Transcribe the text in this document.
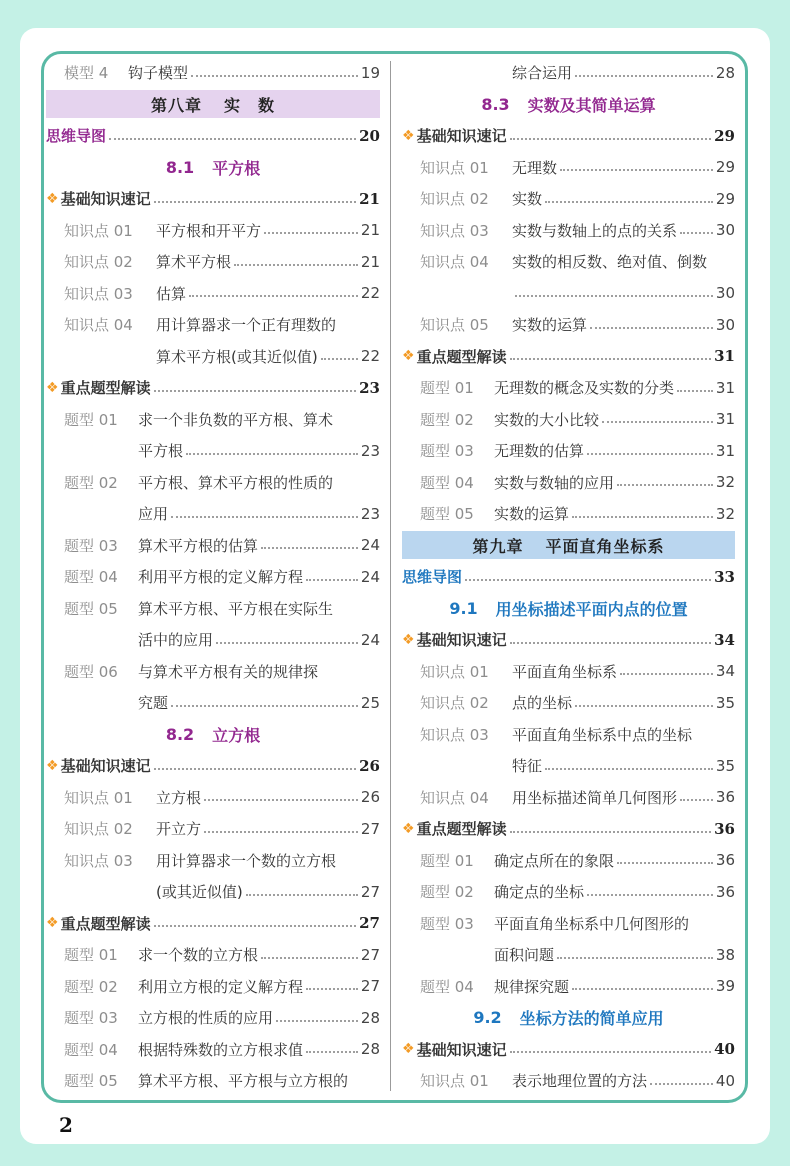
模型 4	钩子模型	19
第八章 实　数
思维导图	20
8.1 平方根
❖ 基础知识速记	21
知识点 01	平方根和开平方	21
知识点 02	算术平方根	21
知识点 03	估算	22
知识点 04	用计算器求一个正有理数的
算术平方根(或其近似值)	22
❖ 重点题型解读	23
题型 01	求一个非负数的平方根、算术
平方根	23
题型 02	平方根、算术平方根的性质的
应用	23
题型 03	算术平方根的估算	24
题型 04	利用平方根的定义解方程	24
题型 05	算术平方根、平方根在实际生
活中的应用	24
题型 06	与算术平方根有关的规律探
究题	25
8.2 立方根
❖ 基础知识速记	26
知识点 01	立方根	26
知识点 02	开立方	27
知识点 03	用计算器求一个数的立方根
(或其近似值)	27
❖ 重点题型解读	27
题型 01	求一个数的立方根	27
题型 02	利用立方根的定义解方程	27
题型 03	立方根的性质的应用	28
题型 04	根据特殊数的立方根求值	28
题型 05	算术平方根、平方根与立方根的
综合运用	28
8.3 实数及其简单运算
❖ 基础知识速记	29
知识点 01	无理数	29
知识点 02	实数	29
知识点 03	实数与数轴上的点的关系	30
知识点 04	实数的相反数、绝对值、倒数
30
知识点 05	实数的运算	30
❖ 重点题型解读	31
题型 01	无理数的概念及实数的分类	31
题型 02	实数的大小比较	31
题型 03	无理数的估算	31
题型 04	实数与数轴的应用	32
题型 05	实数的运算	32
第九章 平面直角坐标系
思维导图	33
9.1 用坐标描述平面内点的位置
❖ 基础知识速记	34
知识点 01	平面直角坐标系	34
知识点 02	点的坐标	35
知识点 03	平面直角坐标系中点的坐标
特征	35
知识点 04	用坐标描述简单几何图形	36
❖ 重点题型解读	36
题型 01	确定点所在的象限	36
题型 02	确定点的坐标	36
题型 03	平面直角坐标系中几何图形的
面积问题	38
题型 04	规律探究题	39
9.2 坐标方法的简单应用
❖ 基础知识速记	40
知识点 01	表示地理位置的方法	40
2
